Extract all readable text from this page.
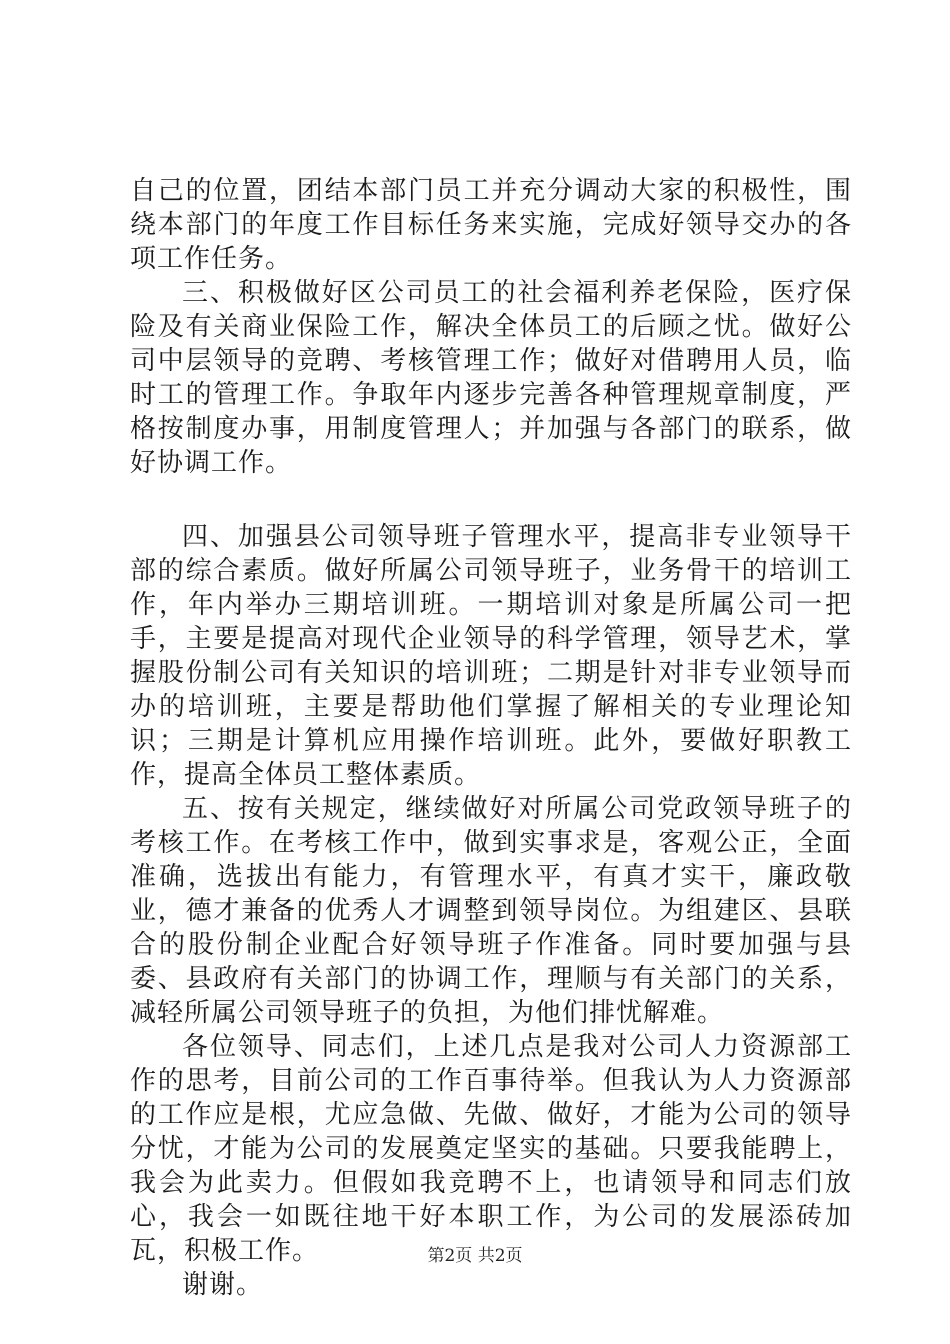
自己的位置，团结本部门员工并充分调动大家的积极性，围绕本部门的年度工作目标任务来实施，完成好领导交办的各项工作任务。

三、积极做好区公司员工的社会福利养老保险，医疗保险及有关商业保险工作，解决全体员工的后顾之忧。做好公司中层领导的竞聘、考核管理工作；做好对借聘用人员，临时工的管理工作。争取年内逐步完善各种管理规章制度，严格按制度办事，用制度管理人；并加强与各部门的联系，做好协调工作。

四、加强县公司领导班子管理水平，提高非专业领导干部的综合素质。做好所属公司领导班子，业务骨干的培训工作，年内举办三期培训班。一期培训对象是所属公司一把手，主要是提高对现代企业领导的科学管理，领导艺术，掌握股份制公司有关知识的培训班；二期是针对非专业领导而办的培训班，主要是帮助他们掌握了解相关的专业理论知识；三期是计算机应用操作培训班。此外，要做好职教工作，提高全体员工整体素质。

五、按有关规定，继续做好对所属公司党政领导班子的考核工作。在考核工作中，做到实事求是，客观公正，全面准确，选拔出有能力，有管理水平，有真才实干，廉政敬业，德才兼备的优秀人才调整到领导岗位。为组建区、县联合的股份制企业配合好领导班子作准备。同时要加强与县委、县政府有关部门的协调工作，理顺与有关部门的关系，减轻所属公司领导班子的负担，为他们排忧解难。

各位领导、同志们，上述几点是我对公司人力资源部工作的思考，目前公司的工作百事待举。但我认为人力资源部的工作应是根，尤应急做、先做、做好，才能为公司的领导分忧，才能为公司的发展奠定坚实的基础。只要我能聘上，我会为此卖力。但假如我竞聘不上，也请领导和同志们放心，我会一如既往地干好本职工作，为公司的发展添砖加瓦，积极工作。

谢谢。

第2页 共2页
